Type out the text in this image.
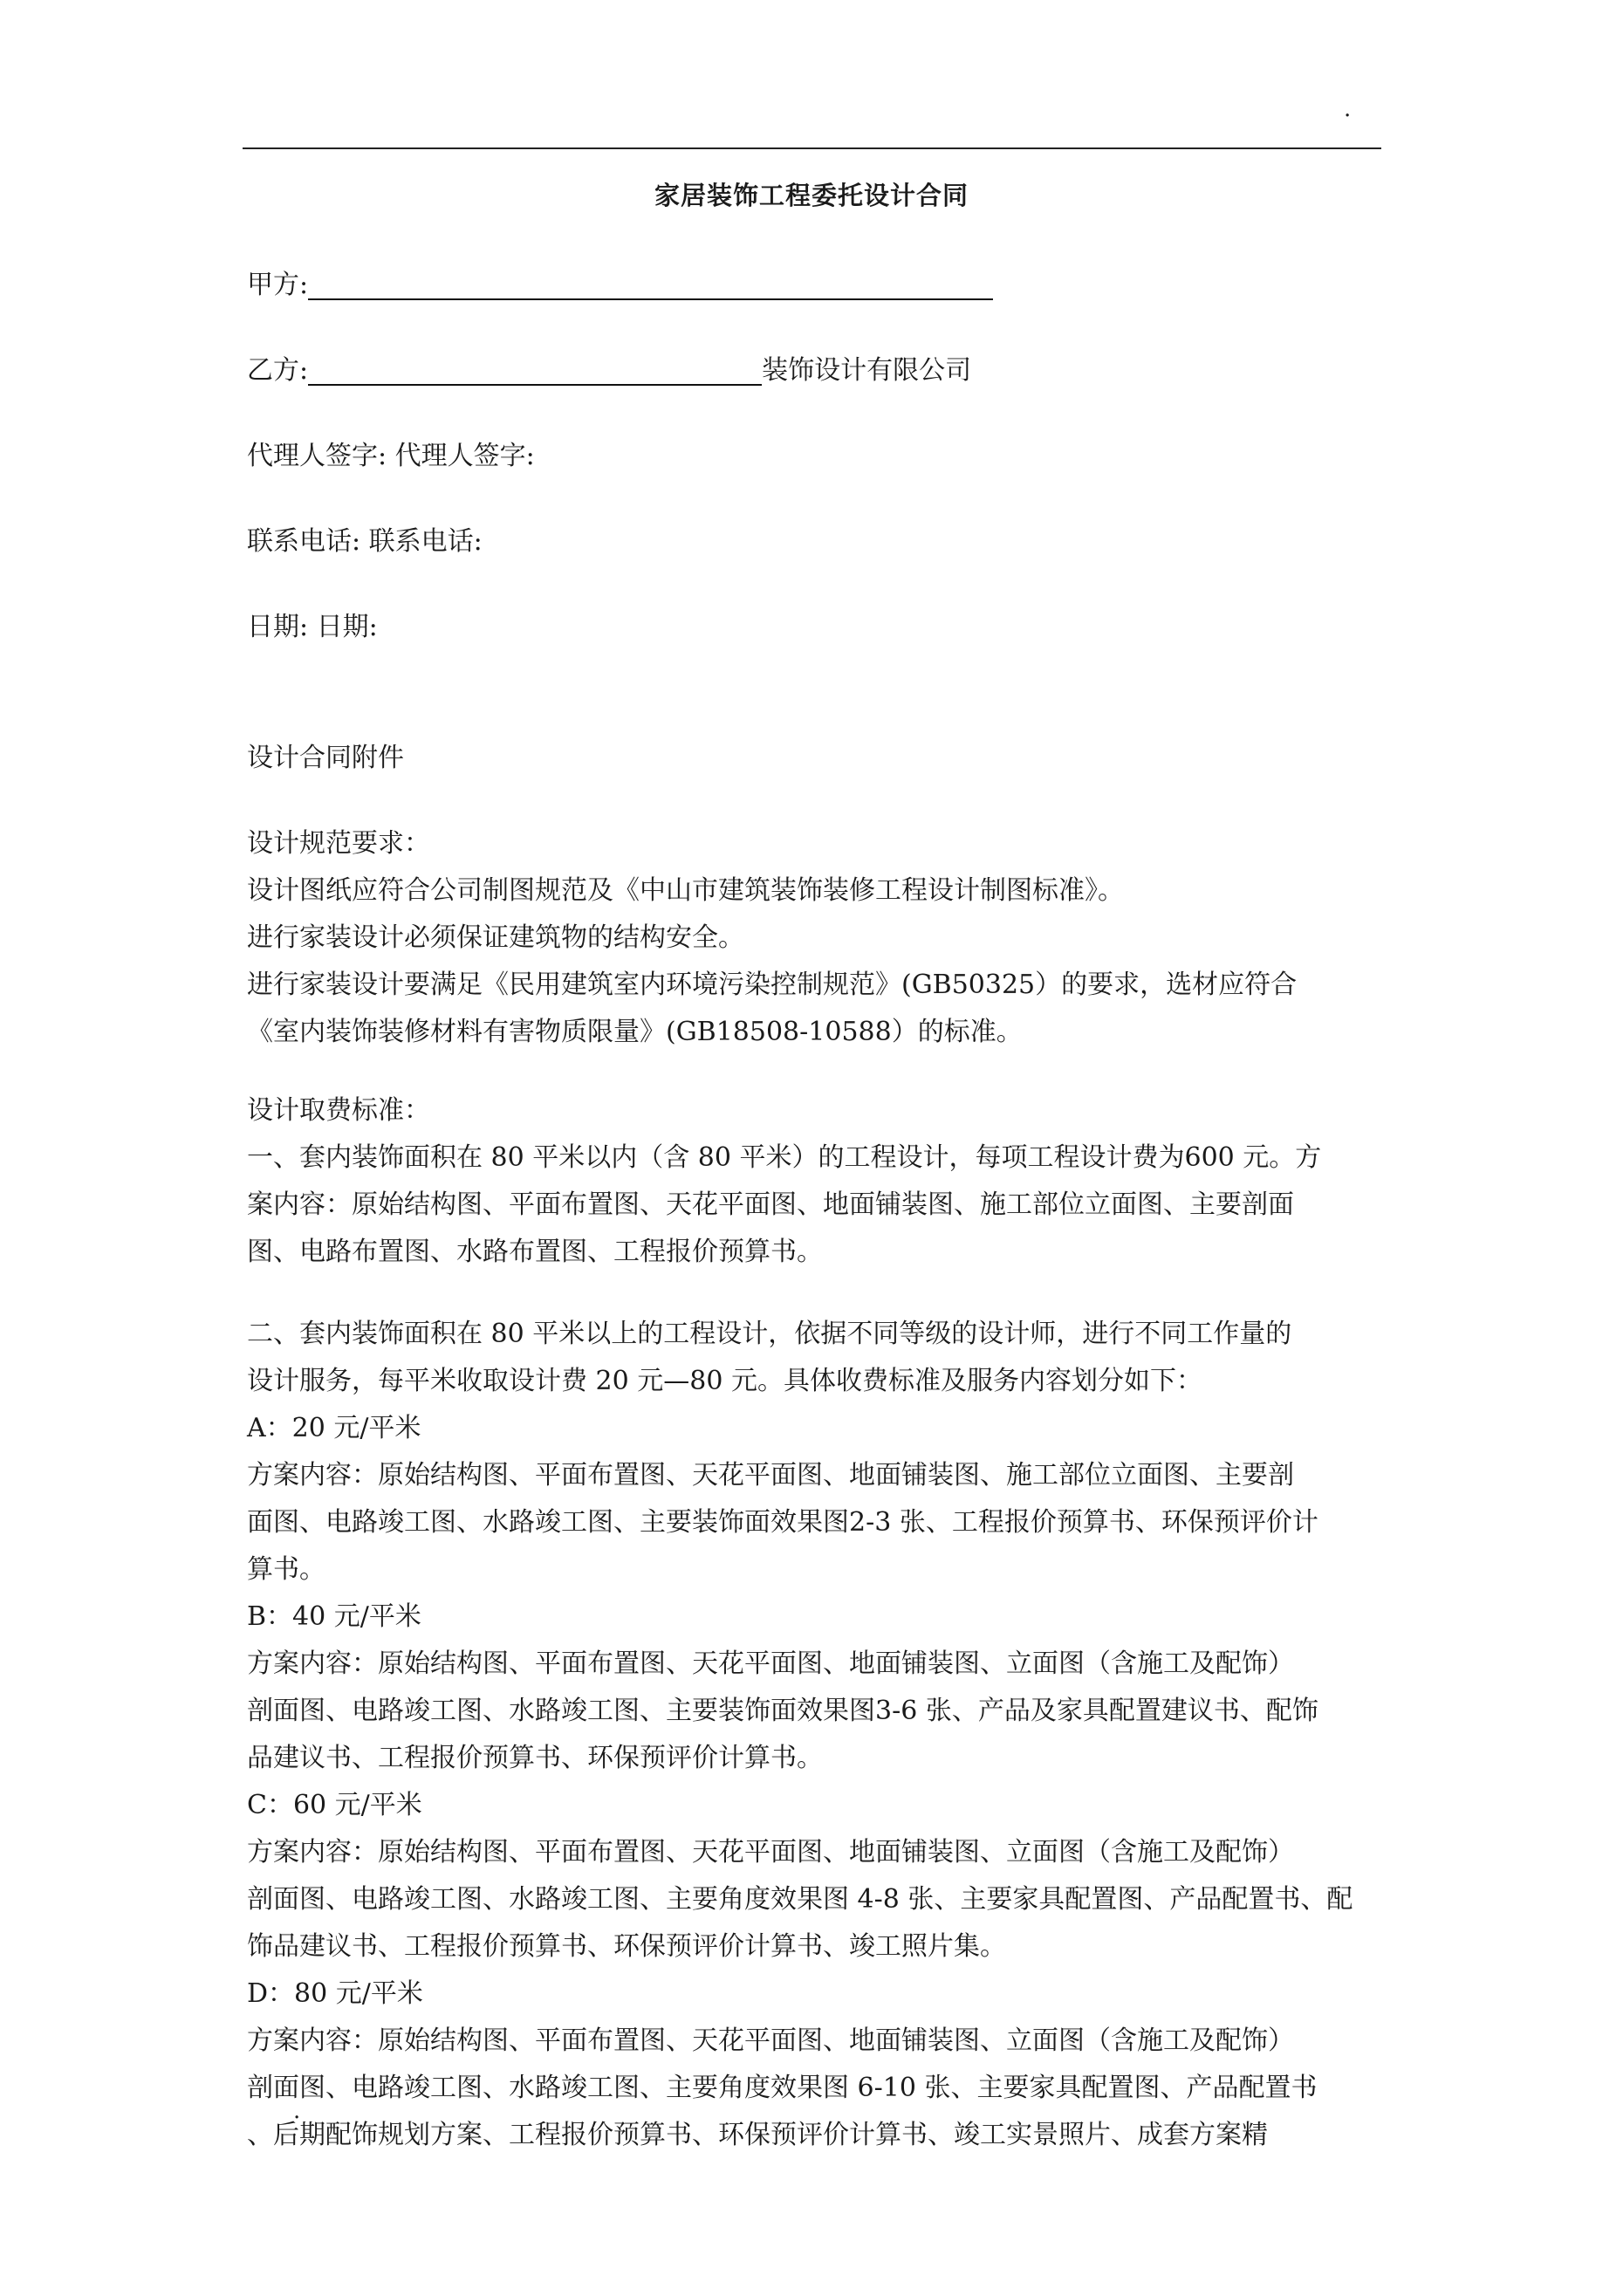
.
家居装饰工程委托设计合同
甲方:
乙方:	装饰设计有限公司
代理人签字: 代理人签字:
联系电话: 联系电话:
日期: 日期:
设计合同附件
设计规范要求：
设计图纸应符合公司制图规范及《中山市建筑装饰装修工程设计制图标准》。
进行家装设计必须保证建筑物的结构安全。
进行家装设计要满足《民用建筑室内环境污染控制规范》(GB50325）的要求，选材应符合
《室内装饰装修材料有害物质限量》(GB18508-10588）的标准。
设计取费标准：
一、套内装饰面积在 80 平米以内（含 80 平米）的工程设计，每项工程设计费为600 元。方
案内容：原始结构图、平面布置图、天花平面图、地面铺装图、施工部位立面图、主要剖面
图、电路布置图、水路布置图、工程报价预算书。
二、套内装饰面积在 80 平米以上的工程设计，依据不同等级的设计师，进行不同工作量的
设计服务，每平米收取设计费 20 元—80 元。具体收费标准及服务内容划分如下：
A：20 元/平米
方案内容：原始结构图、平面布置图、天花平面图、地面铺装图、施工部位立面图、主要剖
面图、电路竣工图、水路竣工图、主要装饰面效果图2-3 张、工程报价预算书、环保预评价计
算书。
B：40 元/平米
方案内容：原始结构图、平面布置图、天花平面图、地面铺装图、立面图（含施工及配饰）
剖面图、电路竣工图、水路竣工图、主要装饰面效果图3-6 张、产品及家具配置建议书、配饰
品建议书、工程报价预算书、环保预评价计算书。
C：60 元/平米
方案内容：原始结构图、平面布置图、天花平面图、地面铺装图、立面图（含施工及配饰）
剖面图、电路竣工图、水路竣工图、主要角度效果图 4-8 张、主要家具配置图、产品配置书、配
饰品建议书、工程报价预算书、环保预评价计算书、竣工照片集。
D：80 元/平米
方案内容：原始结构图、平面布置图、天花平面图、地面铺装图、立面图（含施工及配饰）
剖面图、电路竣工图、水路竣工图、主要角度效果图 6-10 张、主要家具配置图、产品配置书
、后期配饰规划方案、工程报价预算书、环保预评价计算书、竣工实景照片、成套方案精
.
